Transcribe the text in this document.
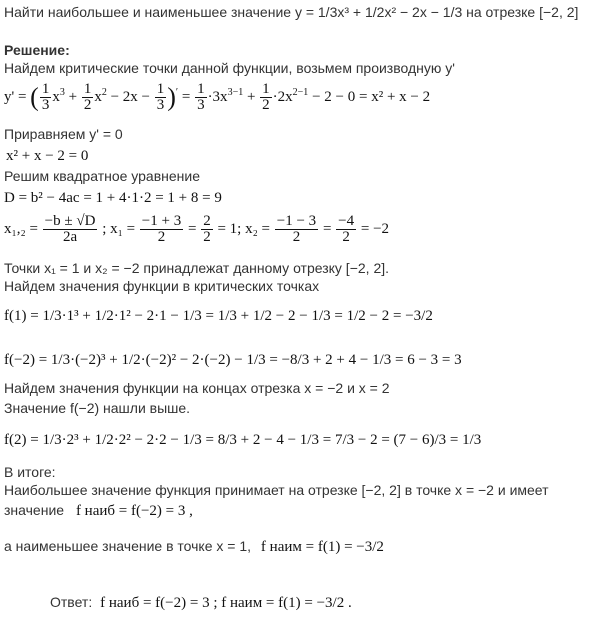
Найти наибольшее и наименьшее значение y = 1/3x³ + 1/2x² − 2x − 1/3 на отрезке [−2, 2]
Решение:
Найдем критические точки данной функции, возьмем производную y'
y' = ( $\frac{1}{3} x^3 + \frac{1}{2} x^2 - 2x - \frac{1}{3} )' = \frac{1}{3} \cdot 3x^{3-1} + \frac{1}{2} \cdot 2x^{2-1} - 2 - 0 = x^2 + x - 2$
Приравняем y' = 0
x² + x − 2 = 0
Решим квадратное уравнение
D = b² − 4ac = 1 + 4·1·2 = 1 + 8 = 9
$x_1,_2 = \frac{-b \pm √D}{2a}$ ; $x_1 = \frac{-1 + 3}{2} = \frac{2}{2} = 1$; $x_2 = \frac{-1 - 3}{2} = \frac{-4}{2} = -2$
Точки x₁ = 1 и x₂ = −2 принадлежат данному отрезку [−2, 2].
Найдем значения функции в критических точках
f(1) = 1/3·1³ + 1/2·1² − 2·1 − 1/3 = 1/3 + 1/2 − 2 − 1/3 = 1/2 − 2 = −3/2
f(−2) = 1/3·(−2)³ + 1/2·(−2)² − 2·(−2) − 1/3 = −8/3 + 2 + 4 − 1/3 = 6 − 3 = 3
Найдем значения функции на концах отрезка x = −2 и x = 2
Значение f(−2) нашли выше.
f(2) = 1/3·2³ + 1/2·2² − 2·2 − 1/3 = 8/3 + 2 − 4 − 1/3 = 7/3 − 2 = (7 − 6)/3 = 1/3
В итоге:
Наибольшее значение функция принимает на отрезке [−2, 2] в точке x = −2 и имеет
значение f наиб = f(−2) = 3 ,
а наименьшее значение в точке x = 1, f наим = f(1) = −3/2
Ответ: f наиб = f(−2) = 3 ; f наим = f(1) = −3/2 .
